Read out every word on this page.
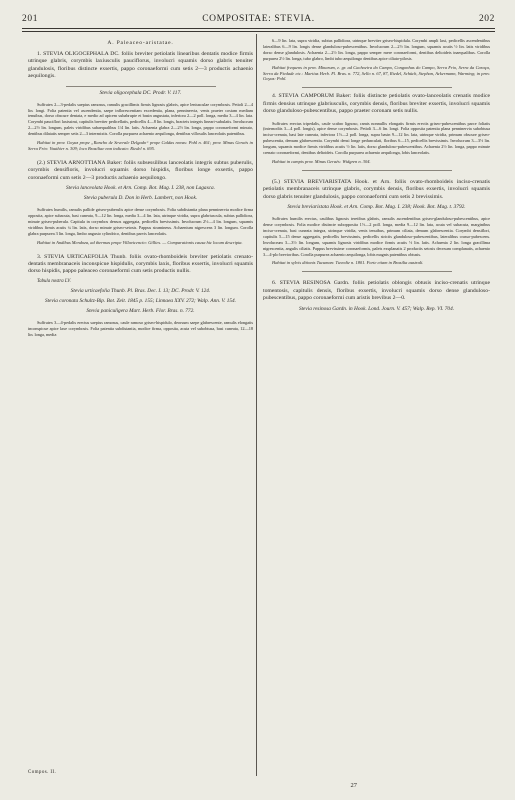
201	COMPOSITAE: STEVIA.	202
A. Paleaceo-aristatae.

1. STEVIA OLIGOCEPHALA DC. foliis breviter petiolatis linearibus dentatis modice firmis utrinque glabris, corymbis laxiusculis pauciflorus, involucri squamis dorso glabris tenuiter glandulosis, floribus distincte exsertis, pappo coronaeformi cum setis 2—3 productis achaenio aequilongis.

Stevia oligocephala DC. Prodr. V. 117.

Suffrutex 2—3-pedalis saepius ramosus, ramulis gracillimis firmis lignosis glabris, apice leniusculae corymbosis. Petioli 2—4 lin. longi. Folia patentia vel ascendentia, saepe inflorescentiam excedentia, plana, penninervia, venis praeter costam mediam tenuibus, dorso obscure dentata, e medio ad apicem subabrupte et basin angustata, inferiora 2—2 poll. longa, media 3—4 lin. lata. Corymbi pauciflori laxissimi, capitulis breviter pedicellatis, pedicellis 4—8 lin. longis, bracteis integris lineari-subulatis. Involucrum 2—2½ lin. longum, paleis viridibus subaequalibus 1/4 lin. latis. Achaenia glabra 2—2½ lin. longa, pappo coronaeformi minuto, dentibus dilatatis semper setis 2—3 intermixtis. Corolla purpurea achaenio aequilonga, dentibus villosulis lanceolatis patentibus.

Habitat in prov. Goyaz prope „Rancho de Severale Delgado“ prope Caldas novas: Pohl n. 461; prov. Minas Geraës in Serra Frio: Vauthier n. 309; loco Brasiliae non indicato: Riedel n. 695.

(2.) STEVIA ARNOTTIANA Baker: foliis subsessilibus lanceolatis integris subtus puberulis, corymbis densifloris, involucri squamis dorso hispidis, floribus longe exsertis, pappo coronaeformi cum setis 2—3 productis achaenio aequilongo.

Stevia lanceolata Hook. et Arn. Comp. Bot. Mag. I. 238, non Lagasca.

Stevia puberula D. Don in Herb. Lambert, non Hook.

Suffrutex humilis, ramulis pallide griseo-puberulis apice dense corymbosis. Folia subdistantia plana penninervia modice firma opposita, apice subacuta, basi cuneata, 9—12 lin. longa, media 3—4 lin. lata, utrinque viridia, supra glabriuscula, subtus pallidiora, minute griseo-puberula. Capitula in corymbos densos aggregata, pedicellis brevissimis. Involucrum 2½—4 lin. longum, squamis viridibus firmis acutis ¼ lin. latis, dorso minute griseo-setosis. Pappus stramineus. Achaenium nigrescens 3 lin. longum. Corolla glabra purpurea 3 lin. longa, limbo angusto cylindrico, dentibus parvis lanceolatis.

Habitat in Andibus Mendoza, ad thermas prope Villavicencio: Gillies. — Comparationis causa hic locum descripta.

3. STEVIA URTICAEFOLIA Thunb. foliis ovato-rhomboideis breviter petiolatis crenato-dentatis membranaceis inconspicue hispidulis, corymbis laxis, floribus exsertis, involucri squamis dorso hispidis, pappo paleaceo coronaeformi cum setis productis nullis.

Tabula nostra LV.

Stevia urticaefolia Thunb. Pl. Bras. Dec. I. 13; DC. Prodr. V. 124.

Stevia coronata Schultz-Bip. Bot. Zeit. 1845 p. 155; Linnaea XXV. 272; Walp. Ann. V. 154.

Stevia paniculigera Mart. Herb. Flor. Bras. n. 772.

Suffrutex 3—4-pedalis erectus saepius ramosus, caule ramoso griseo-hispidulo, deorsum saepe glabrescente, ramulis elongatis inconspicue apice laxe corymbosis. Folia patentia subdistantia, modice firma, opposita, acuta vel subobtusa, basi cuneata, 12—18 lin. longa, media

6—9 lin. lata, supra viridia, subtus pallidiora, utrinque breviter griseo-hispidula. Corymbi ampli laxi, pedicellis ascendentibus lateralibus 6—9 lin. longis dense glanduloso-pubescentibus. Involucrum 2—2½ lin. longum, squamis acutis ½ lin. latis viridibus dorso dense glandulosis. Achaenia 2—2½ lin. longa, pappo semper mere coronaeformi, dentibus deltoideis inaequalibus. Corolla purpurea 2½ lin. longa, tubo glabro, limbi tubo aequilongo dentibus apice ciliato-pilosis.

Habitat frequens in prov. Minarum, e. gr. ad Cachoeira do Campo, Congonhas do Campo, Serra Frio, Serra da Caraça, Serra da Piedade etc.: Martius Herb. Fl. Bras. n. 772, Sello n. 67, 87, Riedel, Schüch, Stephan, Ackermann, Warming; in prov. Goyaz: Pohl.

4. STEVIA CAMPORUM Baker: foliis distincte petiolatis ovato-lanceolatis crenatis modice firmis densius utrinque glabriusculis, corymbis densis, floribus breviter exsertis, involucri squamis dorso glanduloso-pubescentibus, pappo praeter coronam setis nullis.

Suffrutex erectus tripedalis, caule scabro lignoso, ramis nonnullis elongatis firmis erectis griseo-pubescentibus parce foliatis (internodiis 3—4 poll. longis), apice dense corymbosis. Petioli 3—6 lin. longi. Folia opposita patentia plana penninervia subobtusa inciso-crenata, basi late cuneata, inferiora 1½—2 poll. longa, supra basin 9—12 lin. lata, utrinque viridia, primum obscure griseo-pubescentia, demum glabrescentia. Corymbi densi longe pedunculati, floribus 6—15, pedicellis brevissimis. Involucrum 3—3½ lin. longum, squamis modice firmis viridibus acutis ½ lin. latis, dorso glanduloso-pubescentibus. Achaenia 2½ lin. longa, pappo minute crenato coronaeformi, dentibus deltoideis. Corolla purpurea achaenio aequilonga, lobis lanceolatis.

Habitat in campis prov. Minas Geraës: Widgren n. 304.

(5.) STEVIA BREVIARISTATA Hook. et Arn. foliis ovato-rhomboideis inciso-crenatis petiolatis membranaceis utrinque glabris, corymbis densis, floribus exsertis, involucri squamis dorso glabris tenuiter glandulosis, pappo coronaeformi cum setis 2 brevissimis.

Stevia breviaristata Hook. et Arn. Comp. Bot. Mag. I. 238; Hook. Bot. Mag. t. 3792.

Suffrutex humilis erectus, caulibus lignosis teretibus glabris, ramulis ascendentibus griseo-glanduloso-pubescentibus, apice dense corymbosis. Folia modice distincte subopposita 1½—2 poll. longa, media 9—12 lin. lata, acuta vel subacuta, marginibus inciso-crenata, basi cuneata integra, utrinque viridia, venis tenuibus, primum ciliata, demum glabrescentia. Corymbi densiflori, capitulis 5—15 dense aggregatis, pedicellis brevissimis, pedicellis strictis glanduloso-pubescentibus, lateralibus crasso-pubescens. Involucrum 3—3½ lin. longum, squamis lignosis viridibus modice firmis acutis ½ lin. latis. Achaenia 2 lin. longa gracillima nigrescentia, angulis ciliatis. Pappus brevissime coronaeformis, paleis exsplanatis 2 productis setosis deorsum complanatis, achaenio 3—4-plo brevioribus. Corolla purpurea achaenio aequilonga, lobis magnis patentibus obtusis.

Habitat in sylvis ditionis Tucuman: Tweedie n. 1801. Forte etiam in Brasilia australi.

6. STEVIA RESINOSA Gardn. foliis petiolatis oblongis obtusis inciso-crenatis utrinque tomentosis, capitulis densis, floribus exsertis, involucri squamis dorso dense glanduloso-pubescentibus, pappo coronaeformi cum aristis brevibus 2—0.

Stevia resinosa Gardn. in Hook. Lond. Journ. V. 457; Walp. Rep. VI. 704.

Compos. II.
27
